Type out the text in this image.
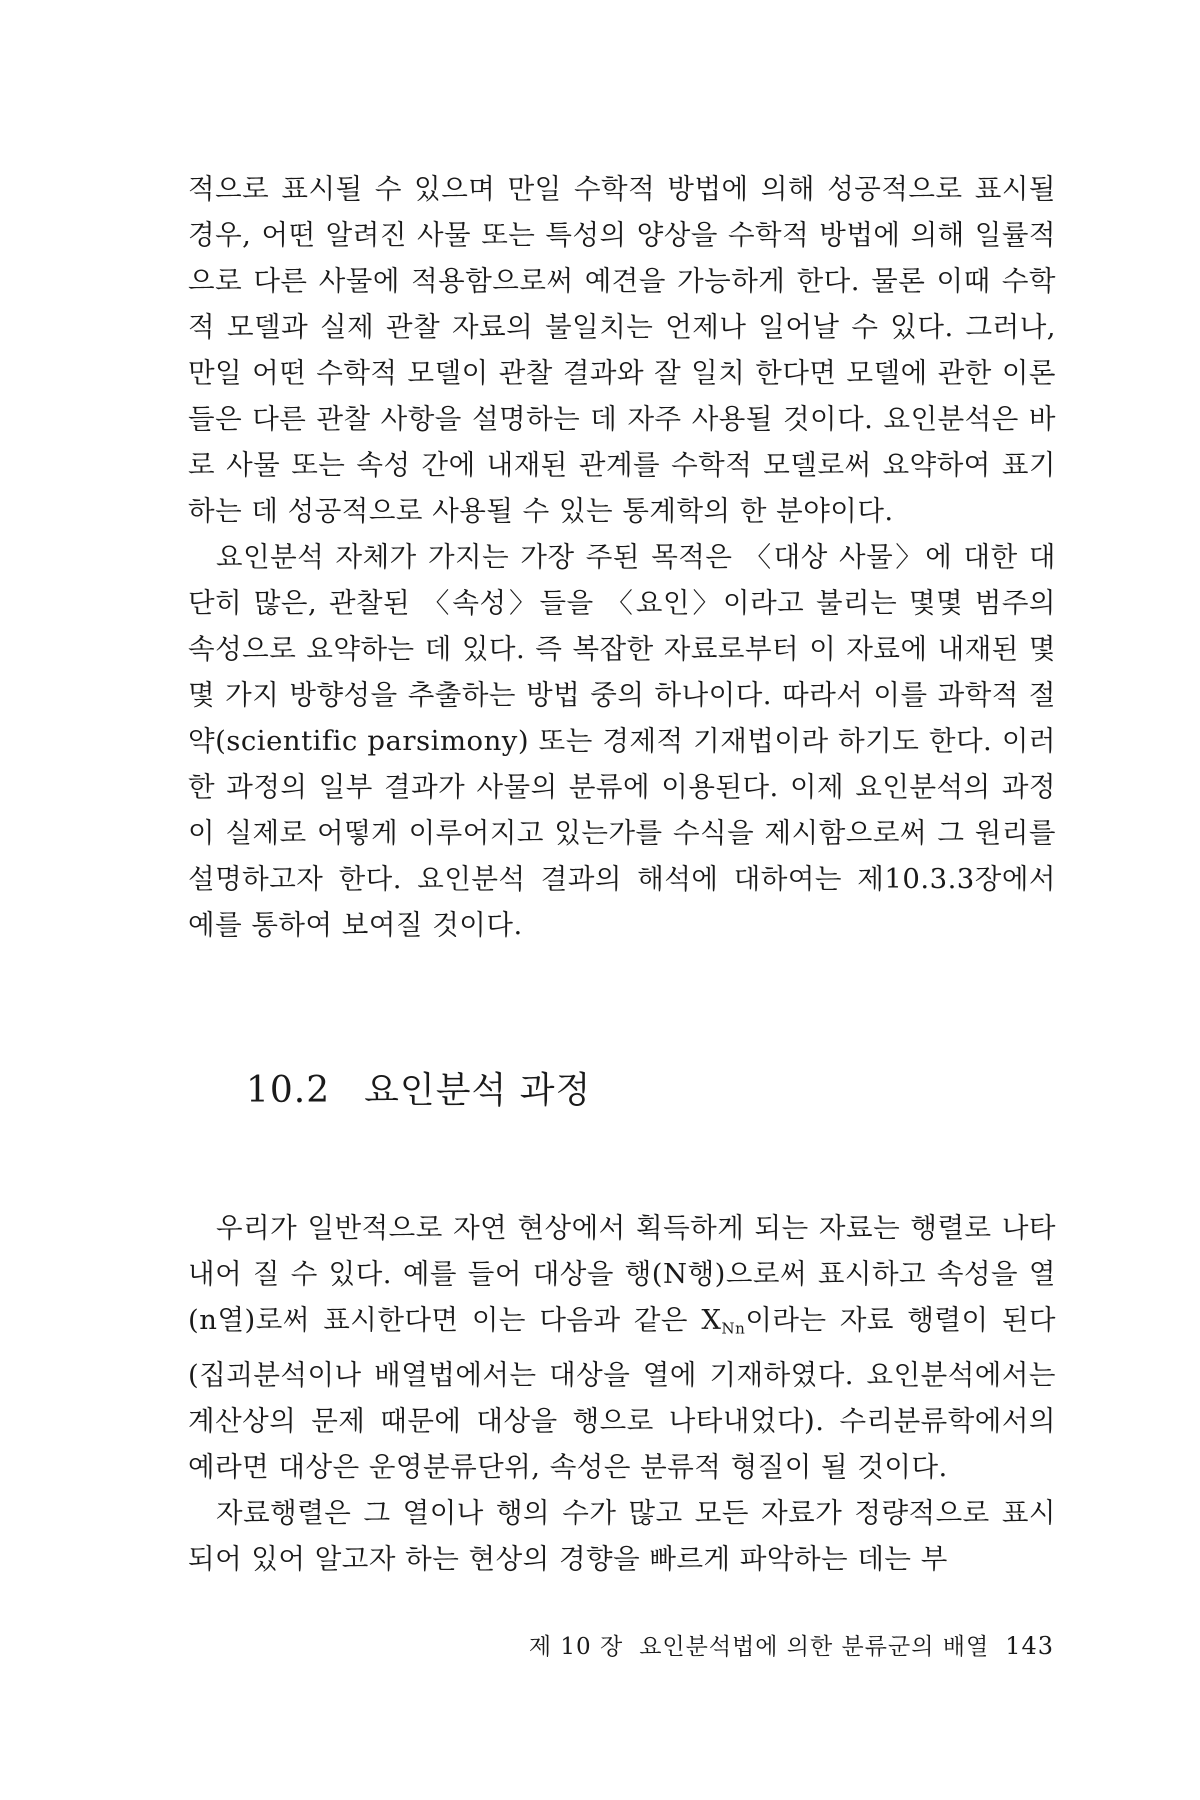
적으로 표시될 수 있으며 만일 수학적 방법에 의해 성공적으로 표시될 경우, 어떤 알려진 사물 또는 특성의 양상을 수학적 방법에 의해 일률적으로 다른 사물에 적용함으로써 예견을 가능하게 한다. 물론 이때 수학적 모델과 실제 관찰 자료의 불일치는 언제나 일어날 수 있다. 그러나, 만일 어떤 수학적 모델이 관찰 결과와 잘 일치 한다면 모델에 관한 이론들은 다른 관찰 사항을 설명하는 데 자주 사용될 것이다. 요인분석은 바로 사물 또는 속성 간에 내재된 관계를 수학적 모델로써 요약하여 표기하는 데 성공적으로 사용될 수 있는 통계학의 한 분야이다.

요인분석 자체가 가지는 가장 주된 목적은 〈대상 사물〉에 대한 대단히 많은, 관찰된 〈속성〉들을 〈요인〉이라고 불리는 몇몇 범주의 속성으로 요약하는 데 있다. 즉 복잡한 자료로부터 이 자료에 내재된 몇몇 가지 방향성을 추출하는 방법 중의 하나이다. 따라서 이를 과학적 절약(scientific parsimony) 또는 경제적 기재법이라 하기도 한다. 이러한 과정의 일부 결과가 사물의 분류에 이용된다. 이제 요인분석의 과정이 실제로 어떻게 이루어지고 있는가를 수식을 제시함으로써 그 원리를 설명하고자 한다. 요인분석 결과의 해석에 대하여는 제10.3.3장에서 예를 통하여 보여질 것이다.

10.2 요인분석 과정

우리가 일반적으로 자연 현상에서 획득하게 되는 자료는 행렬로 나타내어 질 수 있다. 예를 들어 대상을 행(N행)으로써 표시하고 속성을 열(n열)로써 표시한다면 이는 다음과 같은 $X_{Nn}$이라는 자료 행렬이 된다(집괴분석이나 배열법에서는 대상을 열에 기재하였다. 요인분석에서는 계산상의 문제 때문에 대상을 행으로 나타내었다). 수리분류학에서의 예라면 대상은 운영분류단위, 속성은 분류적 형질이 될 것이다.

자료행렬은 그 열이나 행의 수가 많고 모든 자료가 정량적으로 표시되어 있어 알고자 하는 현상의 경향을 빠르게 파악하는 데는 부

제 10 장 요인분석법에 의한 분류군의 배열 143
